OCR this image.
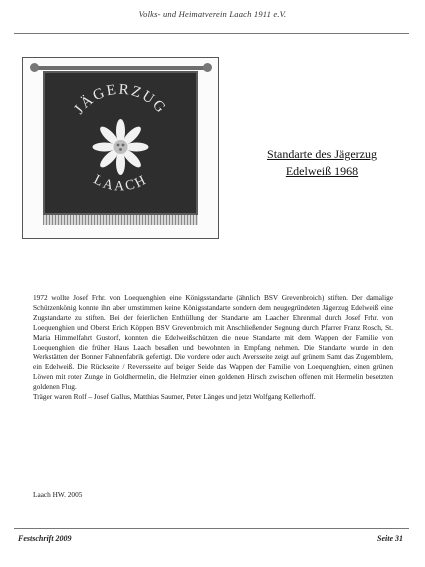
Volks- und Heimatverein Laach 1911 e.V.
JÄGERZUG
LAACH
Standarte des Jägerzug
Edelweiß 1968
1972 wollte Josef Frhr. von Loequenghien eine Königsstandarte (ähnlich BSV Grevenbroich) stiften. Der damalige Schützenkönig konnte ihn aber umstimmen keine Königsstandarte sondern dem neugegründeten Jägerzug Edelweiß eine Zugstandarte zu stiften. Bei der feierlichen Enthüllung der Standarte am Laacher Ehrenmal durch Josef Frhr. von Loequenghien und Oberst Erich Köppen BSV Grevenbroich mit Anschließender Segnung durch Pfarrer Franz Rosch, St. Maria Himmelfahrt Gustorf, konnten die Edelweißschützen die neue Standarte mit dem Wappen der Familie von Loequenghien die früher Haus Laach besaßen und bewohnten in Empfang nehmen. Die Standarte wurde in den Werkstätten der Bonner Fahnenfabrik gefertigt. Die vordere oder auch Aversseite zeigt auf grünem Samt das Zugemblem, ein Edelweiß. Die Rückseite / Reversseite auf beiger Seide das Wappen der Familie von Loequenghien, einen grünen Löwen mit roter Zunge in Goldhermelin, die Helmzier einen goldenen Hirsch zwischen offenen mit Hermelin besetzten goldenen Flug.
Träger waren Rolf – Josef Gallus, Matthias Saumer, Peter Länges und jetzt Wolfgang Kellerhoff.
Laach HW. 2005
Festschrift 2009	Seite 31
